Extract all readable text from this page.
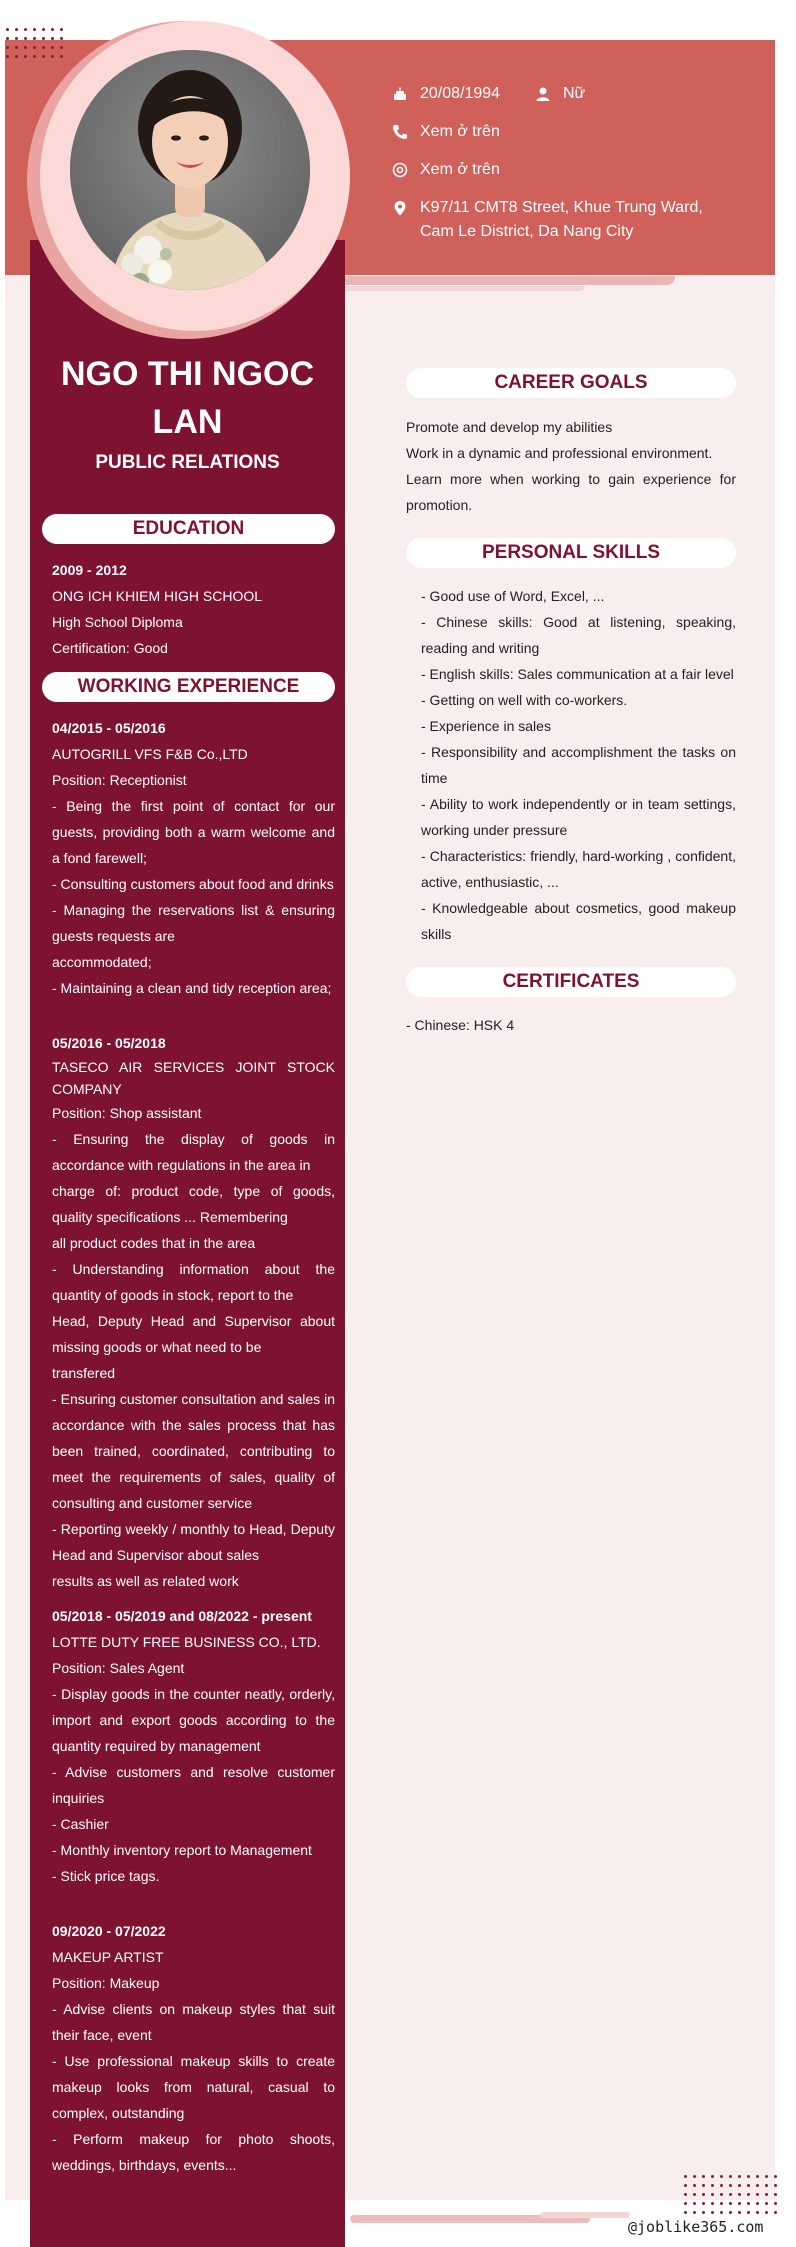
20/08/1994	Nữ
Xem ở trên
Xem ở trên
K97/11 CMT8 Street, Khue Trung Ward,
Cam Le District, Da Nang City
NGO THI NGOC
LAN
PUBLIC RELATIONS
EDUCATION

2009 - 2012

ONG ICH KHIEM HIGH SCHOOL

High School Diploma

Certification: Good

WORKING EXPERIENCE

04/2015 - 05/2016

AUTOGRILL VFS F&B Co.,LTD

Position: Receptionist

- Being the first point of contact for our guests, providing both a warm welcome and a fond farewell;

- Consulting customers about food and drinks

- Managing the reservations list & ensuring guests requests are

accommodated;

- Maintaining a clean and tidy reception area;

05/2016 - 05/2018

TASECO AIR SERVICES JOINT STOCK COMPANY

Position: Shop assistant

- Ensuring the display of goods in accordance with regulations in the area in

charge of: product code, type of goods, quality specifications ... Remembering

all product codes that in the area

- Understanding information about the quantity of goods in stock, report to the

Head, Deputy Head and Supervisor about missing goods or what need to be

transfered

- Ensuring customer consultation and sales in accordance with the sales process that has been trained, coordinated, contributing to meet the requirements of sales, quality of consulting and customer service

- Reporting weekly / monthly to Head, Deputy Head and Supervisor about sales

results as well as related work

05/2018 - 05/2019 and 08/2022 - present

LOTTE DUTY FREE BUSINESS CO., LTD.

Position: Sales Agent

- Display goods in the counter neatly, orderly, import and export goods according to the quantity required by management

- Advise customers and resolve customer inquiries

- Cashier

- Monthly inventory report to Management

- Stick price tags.

09/2020 - 07/2022

MAKEUP ARTIST

Position: Makeup

- Advise clients on makeup styles that suit their face, event

- Use professional makeup skills to create makeup looks from natural, casual to complex, outstanding

- Perform makeup for photo shoots, weddings, birthdays, events...

CAREER GOALS

Promote and develop my abilities

Work in a dynamic and professional environment.

Learn more when working to gain experience for promotion.

PERSONAL SKILLS

- Good use of Word, Excel, ...

- Chinese skills: Good at listening, speaking, reading and writing

- English skills: Sales communication at a fair level

- Getting on well with co-workers.

- Experience in sales

- Responsibility and accomplishment the tasks on time

- Ability to work independently or in team settings, working under pressure

- Characteristics: friendly, hard-working , confident, active, enthusiastic, ...

- Knowledgeable about cosmetics, good makeup skills

CERTIFICATES

- Chinese: HSK 4

@joblike365.com
